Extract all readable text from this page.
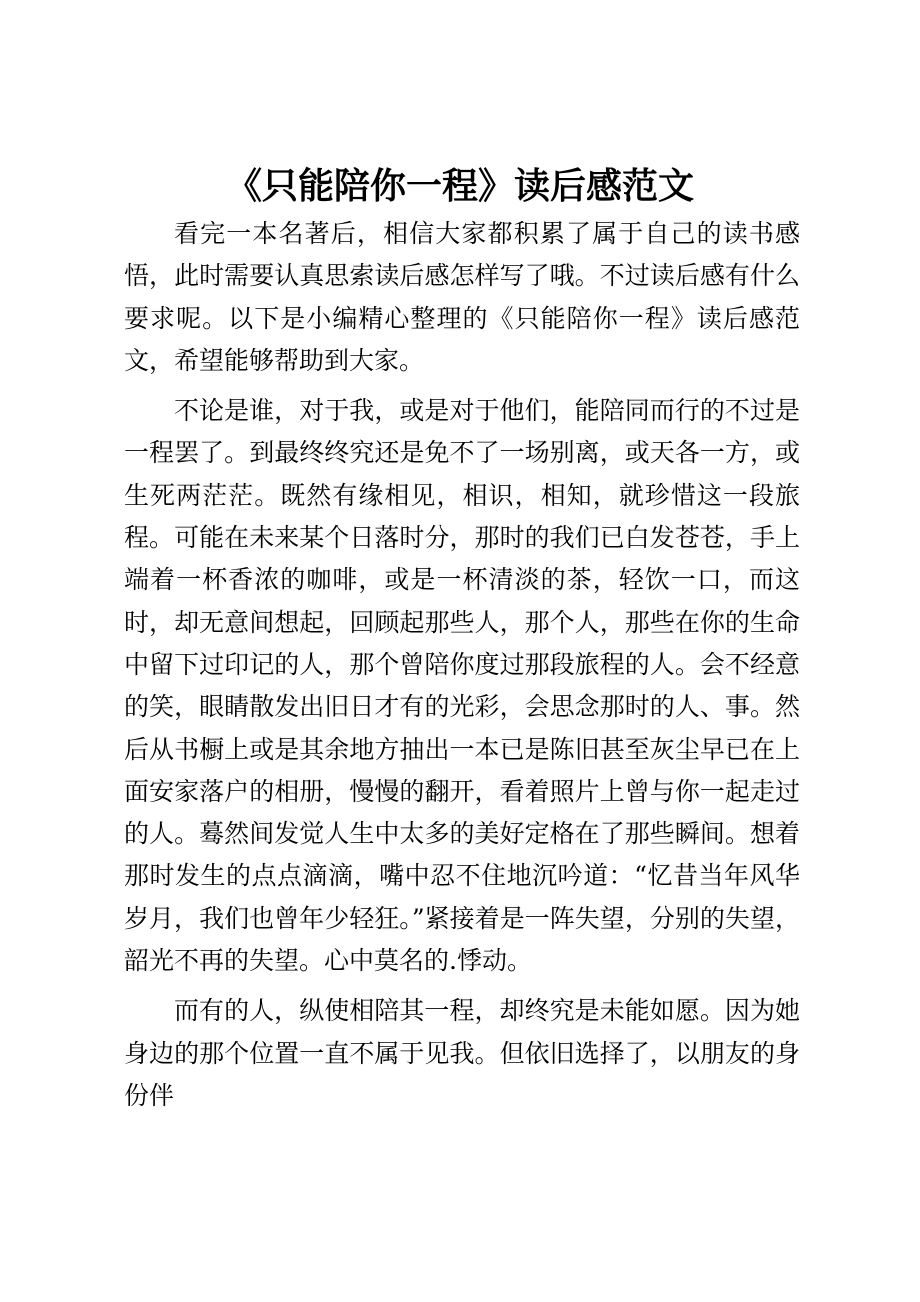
《只能陪你一程》读后感范文

看完一本名著后，相信大家都积累了属于自己的读书感悟，此时需要认真思索读后感怎样写了哦。不过读后感有什么要求呢。以下是小编精心整理的《只能陪你一程》读后感范文，希望能够帮助到大家。

不论是谁，对于我，或是对于他们，能陪同而行的不过是一程罢了。到最终终究还是免不了一场别离，或天各一方，或生死两茫茫。既然有缘相见，相识，相知，就珍惜这一段旅程。可能在未来某个日落时分，那时的我们已白发苍苍，手上端着一杯香浓的咖啡，或是一杯清淡的茶，轻饮一口，而这时，却无意间想起，回顾起那些人，那个人，那些在你的生命中留下过印记的人，那个曾陪你度过那段旅程的人。会不经意的笑，眼睛散发出旧日才有的光彩，会思念那时的人、事。然后从书橱上或是其余地方抽出一本已是陈旧甚至灰尘早已在上面安家落户的相册，慢慢的翻开，看着照片上曾与你一起走过的人。蓦然间发觉人生中太多的美好定格在了那些瞬间。想着那时发生的点点滴滴，嘴中忍不住地沉吟道：“忆昔当年风华岁月，我们也曾年少轻狂。”紧接着是一阵失望，分别的失望，韶光不再的失望。心中莫名的.悸动。

而有的人，纵使相陪其一程，却终究是未能如愿。因为她身边的那个位置一直不属于见我。但依旧选择了，以朋友的身份伴
